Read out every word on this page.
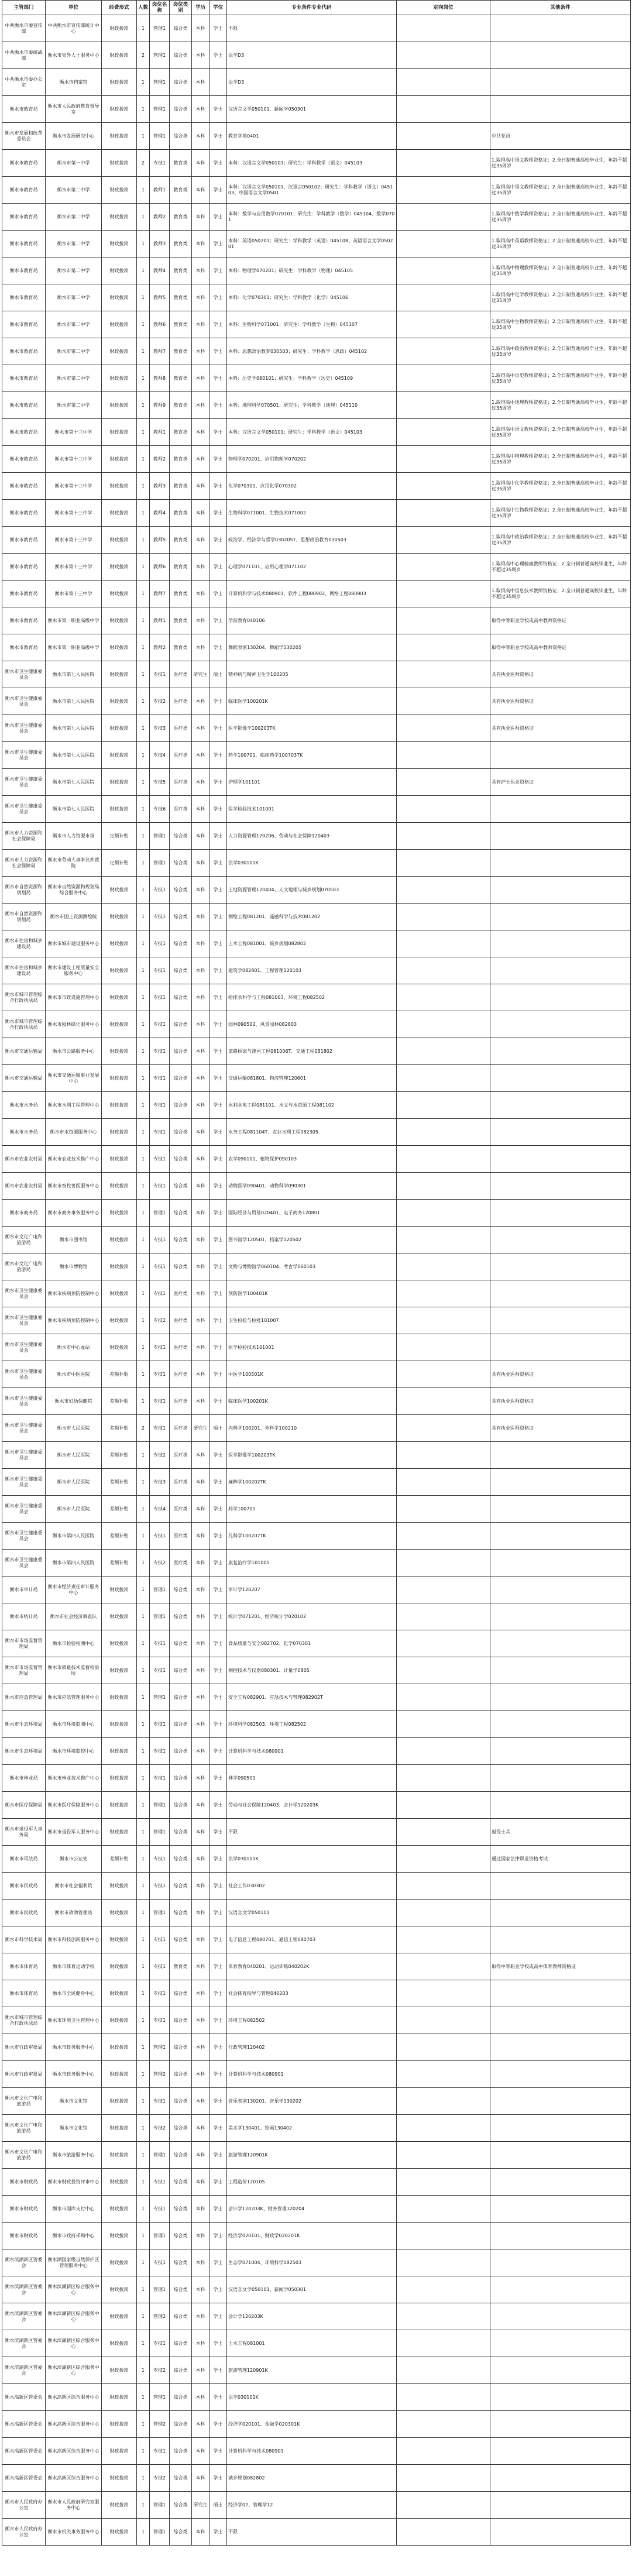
主管部门	单位	经费形式	人数	岗位名称	岗位类别	学历	学位	专业条件专业代码	定向岗位	其他条件
中共衡水市委宣传部	中共衡水市宣传部统计中心	财政拨款	1	管理1	综合类	本科	学士	不限		
中共衡水市委统战部	衡水市党外人士服务中心	财政拨款	2	管理1	综合类	本科	学士	法学D3		
中共衡水市委办公室	衡水市档案馆	财政拨款	1	管理1	综合类	本科		法学D3		
衡水市教育局	衡水市人民政府教育督导室	财政拨款	1	管理1	综合类	本科	学士	汉语言文学050101、新闻学050301		
衡水市发展和改革委员会	衡水市发展研究中心	财政拨款	1	管理1	综合类	本科	学士	教育学类0401		中共党员
衡水市教育局	衡水市第一中学	财政拨款	2	专技1	教育类	本科	学士	本科：汉语言文学050101；研究生：学科教学（语文）045103		1.取得高中语文教师资格证；2.全日制普通高校毕业生，年龄不超过35周岁
衡水市教育局	衡水市第二中学	财政拨款	1	教师1	教育类	本科	学士	本科：汉语言文学050101、汉语言050102；研究生：学科教学（语文）045103、中国语言文学0501		1.取得高中语文教师资格证；2.全日制普通高校毕业生，年龄不超过35周岁
衡水市教育局	衡水市第二中学	财政拨款	1	教师2	教育类	本科	学士	本科：数学与应用数学070101；研究生：学科教学（数学）045104、数学0701		1.取得高中数学教师资格证；2.全日制普通高校毕业生，年龄不超过35周岁
衡水市教育局	衡水市第二中学	财政拨款	1	教师3	教育类	本科	学士	本科：英语050201；研究生：学科教学（英语）045108、英语语言文学050201		1.取得高中英语教师资格证；2.全日制普通高校毕业生，年龄不超过35周岁
衡水市教育局	衡水市第二中学	财政拨款	1	教师4	教育类	本科	学士	本科：物理学070201；研究生：学科教学（物理）045105		1.取得高中物理教师资格证；2.全日制普通高校毕业生，年龄不超过35周岁
衡水市教育局	衡水市第二中学	财政拨款	1	教师5	教育类	本科	学士	本科：化学070301；研究生：学科教学（化学）045106		1.取得高中化学教师资格证；2.全日制普通高校毕业生，年龄不超过35周岁
衡水市教育局	衡水市第二中学	财政拨款	1	教师6	教育类	本科	学士	本科：生物科学071001；研究生：学科教学（生物）045107		1.取得高中生物教师资格证；2.全日制普通高校毕业生，年龄不超过35周岁
衡水市教育局	衡水市第二中学	财政拨款	1	教师7	教育类	本科	学士	本科：思想政治教育030503；研究生：学科教学（思政）045102		1.取得高中政治教师资格证；2.全日制普通高校毕业生，年龄不超过35周岁
衡水市教育局	衡水市第二中学	财政拨款	1	教师8	教育类	本科	学士	本科：历史学060101；研究生：学科教学（历史）045109		1.取得高中历史教师资格证；2.全日制普通高校毕业生，年龄不超过35周岁
衡水市教育局	衡水市第二中学	财政拨款	1	教师9	教育类	本科	学士	本科：地理科学070501；研究生：学科教学（地理）045110		1.取得高中地理教师资格证；2.全日制普通高校毕业生，年龄不超过35周岁
衡水市教育局	衡水市第十三中学	财政拨款	1	教师1	教育类	本科	学士	本科：汉语言文学050101；研究生：学科教学（语文）045103		1.取得高中语文教师资格证；2.全日制普通高校毕业生，年龄不超过35周岁
衡水市教育局	衡水市第十三中学	财政拨款	1	教师2	教育类	本科	学士	物理学070201、应用物理学070202		1.取得高中物理教师资格证；2.全日制普通高校毕业生，年龄不超过35周岁
衡水市教育局	衡水市第十三中学	财政拨款	1	教师3	教育类	本科	学士	化学070301、应用化学070302		1.取得高中化学教师资格证；2.全日制普通高校毕业生，年龄不超过35周岁
衡水市教育局	衡水市第十三中学	财政拨款	1	教师4	教育类	本科	学士	生物科学071001、生物技术071002		1.取得高中生物教师资格证；2.全日制普通高校毕业生，年龄不超过35周岁
衡水市教育局	衡水市第十三中学	财政拨款	1	教师5	教育类	本科	学士	政治学、经济学与哲学030205T、思想政治教育030503		1.取得高中政治教师资格证；2.全日制普通高校毕业生，年龄不超过35周岁
衡水市教育局	衡水市第十三中学	财政拨款	1	教师6	教育类	本科	学士	心理学071101、应用心理学071102		1.取得高中心理健康教师资格证；2.全日制普通高校毕业生，年龄不超过35周岁
衡水市教育局	衡水市第十三中学	财政拨款	1	教师7	教育类	本科	学士	计算机科学与技术080901、软件工程080902、网络工程080903		1.取得高中信息技术教师资格证；2.全日制普通高校毕业生，年龄不超过35周岁
衡水市教育局	衡水市第一职业高级中学	财政拨款	1	教师1	教育类	本科	学士	学前教育040106		取得中等职业学校或高中教师资格证
衡水市教育局	衡水市第一职业高级中学	财政拨款	1	教师2	教育类	本科	学士	舞蹈表演130204、舞蹈学130205		取得中等职业学校或高中教师资格证
衡水市卫生健康委员会	衡水市第七人民医院	财政拨款	1	专技1	医疗类	研究生	硕士	精神病与精神卫生学100205		具有执业医师资格证
衡水市卫生健康委员会	衡水市第七人民医院	财政拨款	1	专技2	医疗类	本科	学士	临床医学100201K		具有执业医师资格证
衡水市卫生健康委员会	衡水市第七人民医院	财政拨款	1	专技3	医疗类	本科	学士	医学影像学100203TK		具有执业医师资格证
衡水市卫生健康委员会	衡水市第七人民医院	财政拨款	1	专技4	医疗类	本科	学士	药学100701、临床药学100703TK		
衡水市卫生健康委员会	衡水市第七人民医院	财政拨款	1	专技5	医疗类	本科	学士	护理学101101		具有护士执业资格证
衡水市卫生健康委员会	衡水市第七人民医院	财政拨款	1	专技6	医疗类	本科	学士	医学检验技术101001		
衡水市人力资源和社会保障局	衡水市人力资源市场	定额补贴	1	管理1	综合类	本科	学士	人力资源管理120206、劳动与社会保障120403		
衡水市人力资源和社会保障局	衡水市劳动人事争议仲裁院	定额补贴	1	管理1	综合类	本科	学士	法学030101K		
衡水市自然资源和规划局	衡水市自然资源和规划局综合服务中心	财政拨款	1	专技1	综合类	本科	学士	土地资源管理120404、人文地理与城乡规划070503		
衡水市自然资源和规划局	衡水市国土资源测绘院	财政拨款	1	专技1	综合类	本科	学士	测绘工程081201、遥感科学与技术081202		
衡水市住房和城乡建设局	衡水市城市建设服务中心	财政拨款	1	专技1	综合类	本科	学士	土木工程081001、城乡规划082802		
衡水市住房和城乡建设局	衡水市建设工程质量安全服务中心	财政拨款	1	专技1	综合类	本科	学士	建筑学082801、工程管理120103		
衡水市城市管理综合行政执法局	衡水市市政设施管理中心	财政拨款	1	专技1	综合类	本科	学士	给排水科学与工程081003、环境工程082502		
衡水市城市管理综合行政执法局	衡水市园林绿化服务中心	财政拨款	1	专技1	综合类	本科	学士	园林090502、风景园林082803		
衡水市交通运输局	衡水市公路服务中心	财政拨款	1	专技1	综合类	本科	学士	道路桥梁与渡河工程081006T、交通工程081802		
衡水市交通运输局	衡水市交通运输事业发展中心	财政拨款	1	专技1	综合类	本科	学士	交通运输081801、物流管理120601		
衡水市水务局	衡水市水利工程管理中心	财政拨款	1	专技1	综合类	本科	学士	水利水电工程081101、水文与水资源工程081102		
衡水市水务局	衡水市水资源服务中心	财政拨款	1	专技1	综合类	本科	学士	水务工程081104T、农业水利工程082305		
衡水市农业农村局	衡水市农业技术推广中心	财政拨款	1	专技1	综合类	本科	学士	农学090101、植物保护090103		
衡水市农业农村局	衡水市畜牧兽医服务中心	财政拨款	1	专技1	综合类	本科	学士	动物医学090401、动物科学090301		
衡水市商务局	衡水市商务事务服务中心	财政拨款	1	管理1	综合类	本科	学士	国际经济与贸易020401、电子商务120801		
衡水市文化广电和旅游局	衡水市图书馆	财政拨款	1	专技1	综合类	本科	学士	图书馆学120501、档案学120502		
衡水市文化广电和旅游局	衡水市博物馆	财政拨款	1	专技1	综合类	本科	学士	文物与博物馆学060104、考古学060103		
衡水市卫生健康委员会	衡水市疾病预防控制中心	财政拨款	1	专技1	医疗类	本科	学士	预防医学100401K		
衡水市卫生健康委员会	衡水市疾病预防控制中心	财政拨款	1	专技2	医疗类	本科	学士	卫生检验与检疫101007		
衡水市卫生健康委员会	衡水市中心血站	财政拨款	1	专技1	医疗类	本科	学士	医学检验技术101001		
衡水市卫生健康委员会	衡水市中医医院	差额补贴	1	专技1	医疗类	本科	学士	中医学100501K		具有执业医师资格证
衡水市卫生健康委员会	衡水市妇幼保健院	差额补贴	1	专技1	医疗类	本科	学士	临床医学100201K		具有执业医师资格证
衡水市卫生健康委员会	衡水市人民医院	差额补贴	2	专技1	医疗类	研究生	硕士	内科学100201、外科学100210		具有执业医师资格证
衡水市卫生健康委员会	衡水市人民医院	差额补贴	1	专技2	医疗类	本科	学士	医学影像学100203TK		
衡水市卫生健康委员会	衡水市人民医院	差额补贴	1	专技3	医疗类	本科	学士	麻醉学100202TK		
衡水市卫生健康委员会	衡水市人民医院	差额补贴	1	专技4	医疗类	本科	学士	药学100701		
衡水市卫生健康委员会	衡水市第四人民医院	差额补贴	1	专技1	医疗类	本科	学士	儿科学100207TK		
衡水市卫生健康委员会	衡水市第四人民医院	差额补贴	1	专技2	医疗类	本科	学士	康复治疗学101005		
衡水市审计局	衡水市经济责任审计服务中心	财政拨款	1	管理1	综合类	本科	学士	审计学120207		
衡水市统计局	衡水市社会经济调查队	财政拨款	1	管理1	综合类	本科	学士	统计学071201、经济统计学020102		
衡水市市场监督管理局	衡水市检验检测中心	财政拨款	1	专技1	综合类	本科	学士	食品质量与安全082702、化学070301		
衡水市市场监督管理局	衡水市质量技术监督检验所	财政拨款	1	专技1	综合类	本科	学士	测控技术与仪器080301、计量学0805		
衡水市应急管理局	衡水市应急管理服务中心	财政拨款	1	管理1	综合类	本科	学士	安全工程082901、应急技术与管理082902T		
衡水市生态环境局	衡水市环境监测中心	财政拨款	1	专技1	综合类	本科	学士	环境科学082503、环境工程082502		
衡水市生态环境局	衡水市环境监控中心	财政拨款	1	专技1	综合类	本科	学士	计算机科学与技术080901		
衡水市林业局	衡水市林业技术推广中心	财政拨款	1	专技1	综合类	本科	学士	林学090501		
衡水市医疗保障局	衡水市医疗保障服务中心	财政拨款	1	管理1	综合类	本科	学士	劳动与社会保障120403、会计学120203K		
衡水市退役军人事务局	衡水市退役军人服务中心	财政拨款	1	管理1	综合类	本科	学士	不限		退役士兵
衡水市司法局	衡水市公证处	差额补贴	1	专技1	综合类	本科	学士	法学030101K		通过国家法律职业资格考试
衡水市民政局	衡水市社会福利院	财政拨款	1	专技1	综合类	本科	学士	社会工作030302		
衡水市民政局	衡水市救助管理站	财政拨款	1	管理1	综合类	本科	学士	汉语言文学050101		
衡水市科学技术局	衡水市科技创新服务中心	财政拨款	1	专技1	综合类	本科	学士	电子信息工程080701、通信工程080703		
衡水市体育局	衡水市体育运动学校	财政拨款	1	专技1	教育类	本科	学士	体育教育040201、运动训练040202K		取得中等职业学校或高中体育教师资格证
衡水市体育局	衡水市全民健身中心	财政拨款	1	专技1	综合类	本科	学士	社会体育指导与管理040203		
衡水市城市管理综合行政执法局	衡水市环境卫生管理中心	财政拨款	1	专技1	综合类	本科	学士	环境工程082502		
衡水市行政审批局	衡水市政务服务中心	财政拨款	1	管理1	综合类	本科	学士	行政管理120402		
衡水市行政审批局	衡水市政务服务中心	财政拨款	1	管理2	综合类	本科	学士	计算机科学与技术080901		
衡水市文化广电和旅游局	衡水市文化馆	财政拨款	1	专技1	综合类	本科	学士	音乐表演130201、音乐学130202		
衡水市文化广电和旅游局	衡水市文化馆	财政拨款	1	专技2	综合类	本科	学士	美术学130401、绘画130402		
衡水市文化广电和旅游局	衡水市旅游服务中心	财政拨款	1	管理1	综合类	本科	学士	旅游管理120901K		
衡水市财政局	衡水市财政投资评审中心	财政拨款	1	专技1	综合类	本科	学士	工程造价120105		
衡水市财政局	衡水市国库支付中心	财政拨款	1	专技1	综合类	本科	学士	会计学120203K、财务管理120204		
衡水市财政局	衡水市政府采购中心	财政拨款	1	管理1	综合类	本科	学士	经济学020101、财政学020201K		
衡水滨湖新区管委会	衡水湖国家级自然保护区管理服务中心	财政拨款	1	专技1	综合类	本科	学士	生态学071004、环境科学082503		
衡水滨湖新区管委会	衡水滨湖新区综合服务中心	财政拨款	1	管理1	综合类	本科	学士	汉语言文学050101、新闻学050301		
衡水滨湖新区管委会	衡水滨湖新区综合服务中心	财政拨款	1	管理2	综合类	本科	学士	会计学120203K		
衡水滨湖新区管委会	衡水滨湖新区综合服务中心	财政拨款	1	专技1	综合类	本科	学士	土木工程081001		
衡水滨湖新区管委会	衡水滨湖新区综合服务中心	财政拨款	1	专技2	综合类	本科	学士	旅游管理120901K		
衡水高新区管委会	衡水高新区综合服务中心	财政拨款	1	管理1	综合类	本科	学士	法学030101K		
衡水高新区管委会	衡水高新区综合服务中心	财政拨款	1	管理2	综合类	本科	学士	经济学020101、金融学020301K		
衡水高新区管委会	衡水高新区综合服务中心	财政拨款	1	专技1	综合类	本科	学士	计算机科学与技术080901		
衡水高新区管委会	衡水高新区综合服务中心	财政拨款	1	专技2	综合类	本科	学士	城乡规划082802		
衡水市人民政府办公室	衡水市人民政府研究室服务中心	财政拨款	1	管理1	综合类	研究生	硕士	经济学02、管理学12		
衡水市人民政府办公室	衡水市机关事务服务中心	财政拨款	1	管理1	综合类	本科	学士	不限		
